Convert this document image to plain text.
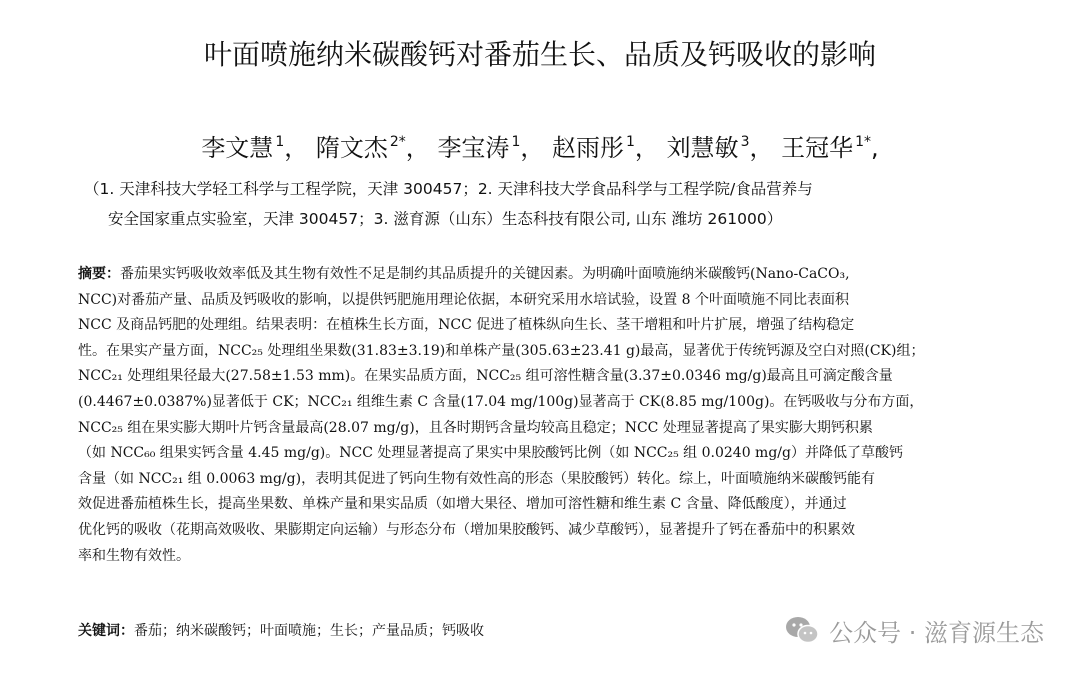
叶面喷施纳米碳酸钙对番茄生长、品质及钙吸收的影响
李文慧 $^1$， 隋文杰 $^{2*}$， 李宝涛 $^1$， 赵雨彤 $^1$， 刘慧敏 $^3$， 王冠华 $^{1*}$,
（1. 天津科技大学轻工科学与工程学院，天津 300457；2. 天津科技大学食品科学与工程学院/食品营养与
安全国家重点实验室，天津 300457；3. 滋育源（山东）生态科技有限公司, 山东 潍坊 261000）
摘要：番茄果实钙吸收效率低及其生物有效性不足是制约其品质提升的关键因素。为明确叶面喷施纳米碳酸钙(Nano-CaCO₃,
NCC)对番茄产量、品质及钙吸收的影响，以提供钙肥施用理论依据，本研究采用水培试验，设置 8 个叶面喷施不同比表面积
NCC 及商品钙肥的处理组。结果表明：在植株生长方面，NCC 促进了植株纵向生长、茎干增粗和叶片扩展，增强了结构稳定
性。在果实产量方面，NCC₂₅ 处理组坐果数(31.83±3.19)和单株产量(305.63±23.41 g)最高，显著优于传统钙源及空白对照(CK)组；
NCC₂₁ 处理组果径最大(27.58±1.53 mm)。在果实品质方面，NCC₂₅ 组可溶性糖含量(3.37±0.0346 mg/g)最高且可滴定酸含量
(0.4467±0.0387%)显著低于 CK；NCC₂₁ 组维生素 C 含量(17.04 mg/100g)显著高于 CK(8.85 mg/100g)。在钙吸收与分布方面，
NCC₂₅ 组在果实膨大期叶片钙含量最高(28.07 mg/g)，且各时期钙含量均较高且稳定；NCC 处理显著提高了果实膨大期钙积累
（如 NCC₆₀ 组果实钙含量 4.45 mg/g)。NCC 处理显著提高了果实中果胶酸钙比例（如 NCC₂₅ 组 0.0240 mg/g）并降低了草酸钙
含量（如 NCC₂₁ 组 0.0063 mg/g)，表明其促进了钙向生物有效性高的形态（果胶酸钙）转化。综上，叶面喷施纳米碳酸钙能有
效促进番茄植株生长，提高坐果数、单株产量和果实品质（如增大果径、增加可溶性糖和维生素 C 含量、降低酸度），并通过
优化钙的吸收（花期高效吸收、果膨期定向运输）与形态分布（增加果胶酸钙、减少草酸钙），显著提升了钙在番茄中的积累效
率和生物有效性。
关键词：番茄；纳米碳酸钙；叶面喷施；生长；产量品质；钙吸收	公众号 · 滋育源生态
